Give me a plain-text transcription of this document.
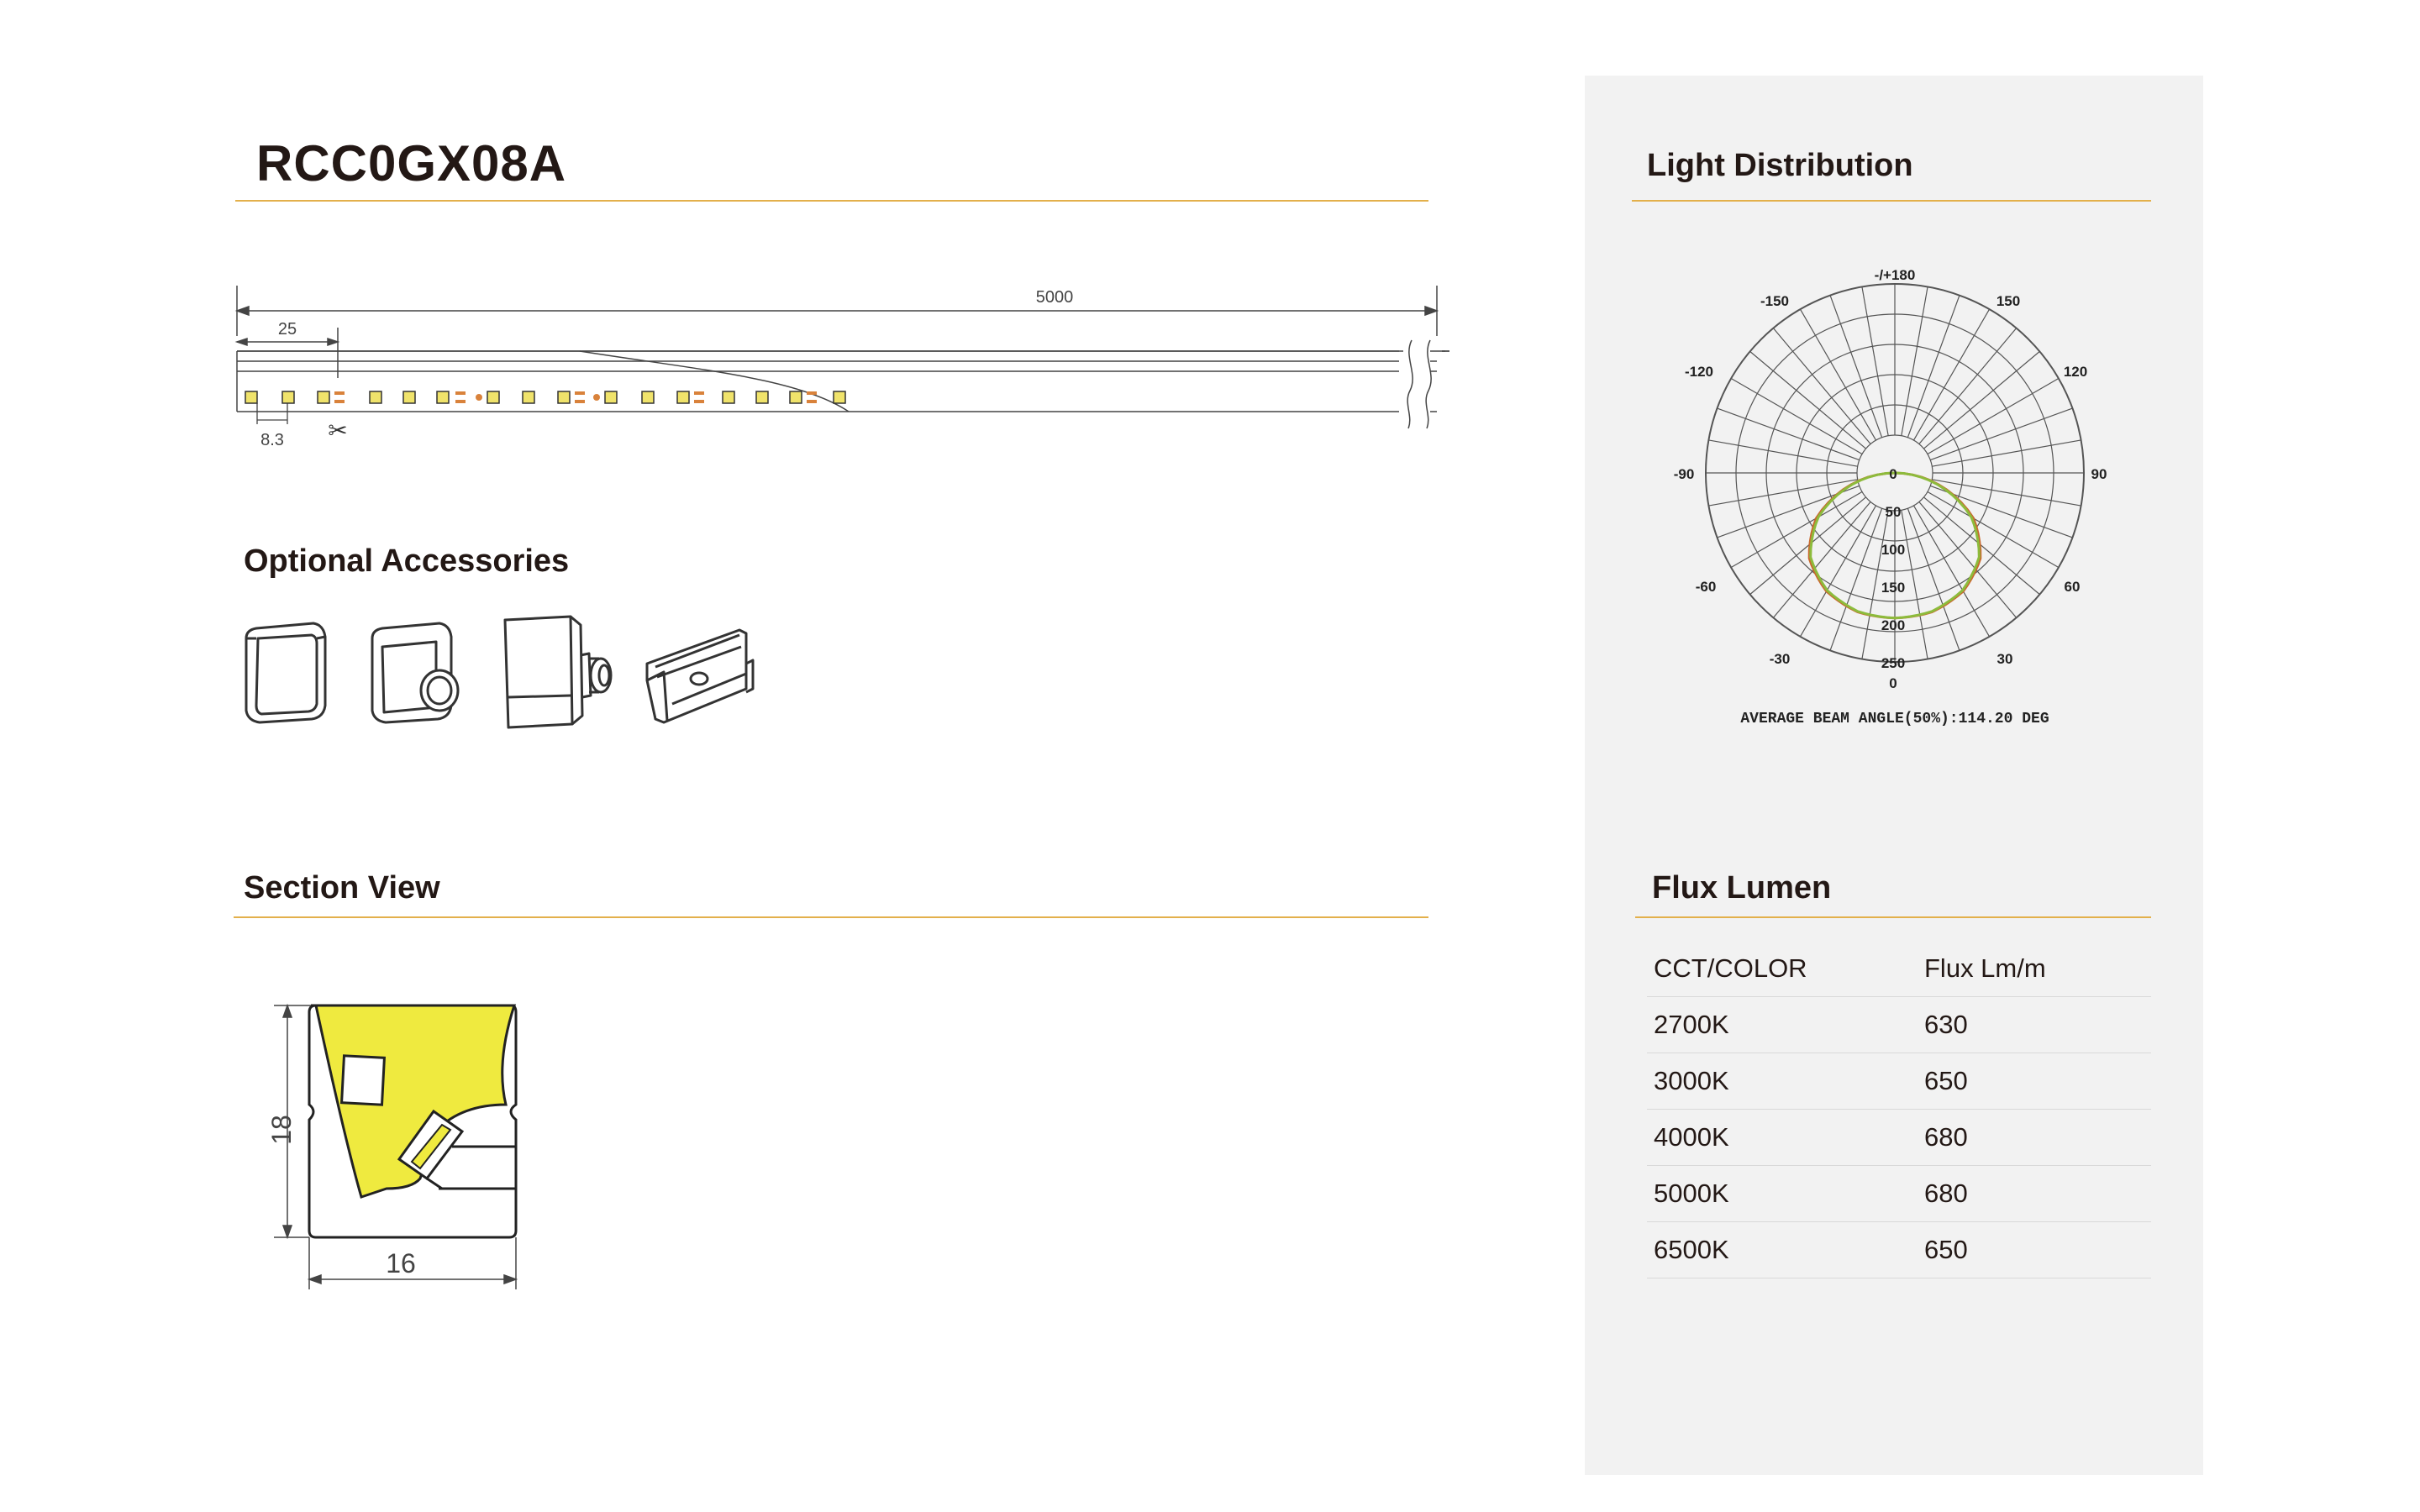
RCC0GX08A
5000
25
8.3 ✂
Optional Accessories
Section View
18
16
Light Distribution
-/+180
-150	150
-120	120
-90	90
-60	60
-30	30
0
0
50
100
150
200
250
AVERAGE BEAM ANGLE(50%):114.20 DEG
Flux Lumen
CCT/COLOR	Flux Lm/m
2700K	630
3000K	650
4000K	680
5000K	680
6500K	650
